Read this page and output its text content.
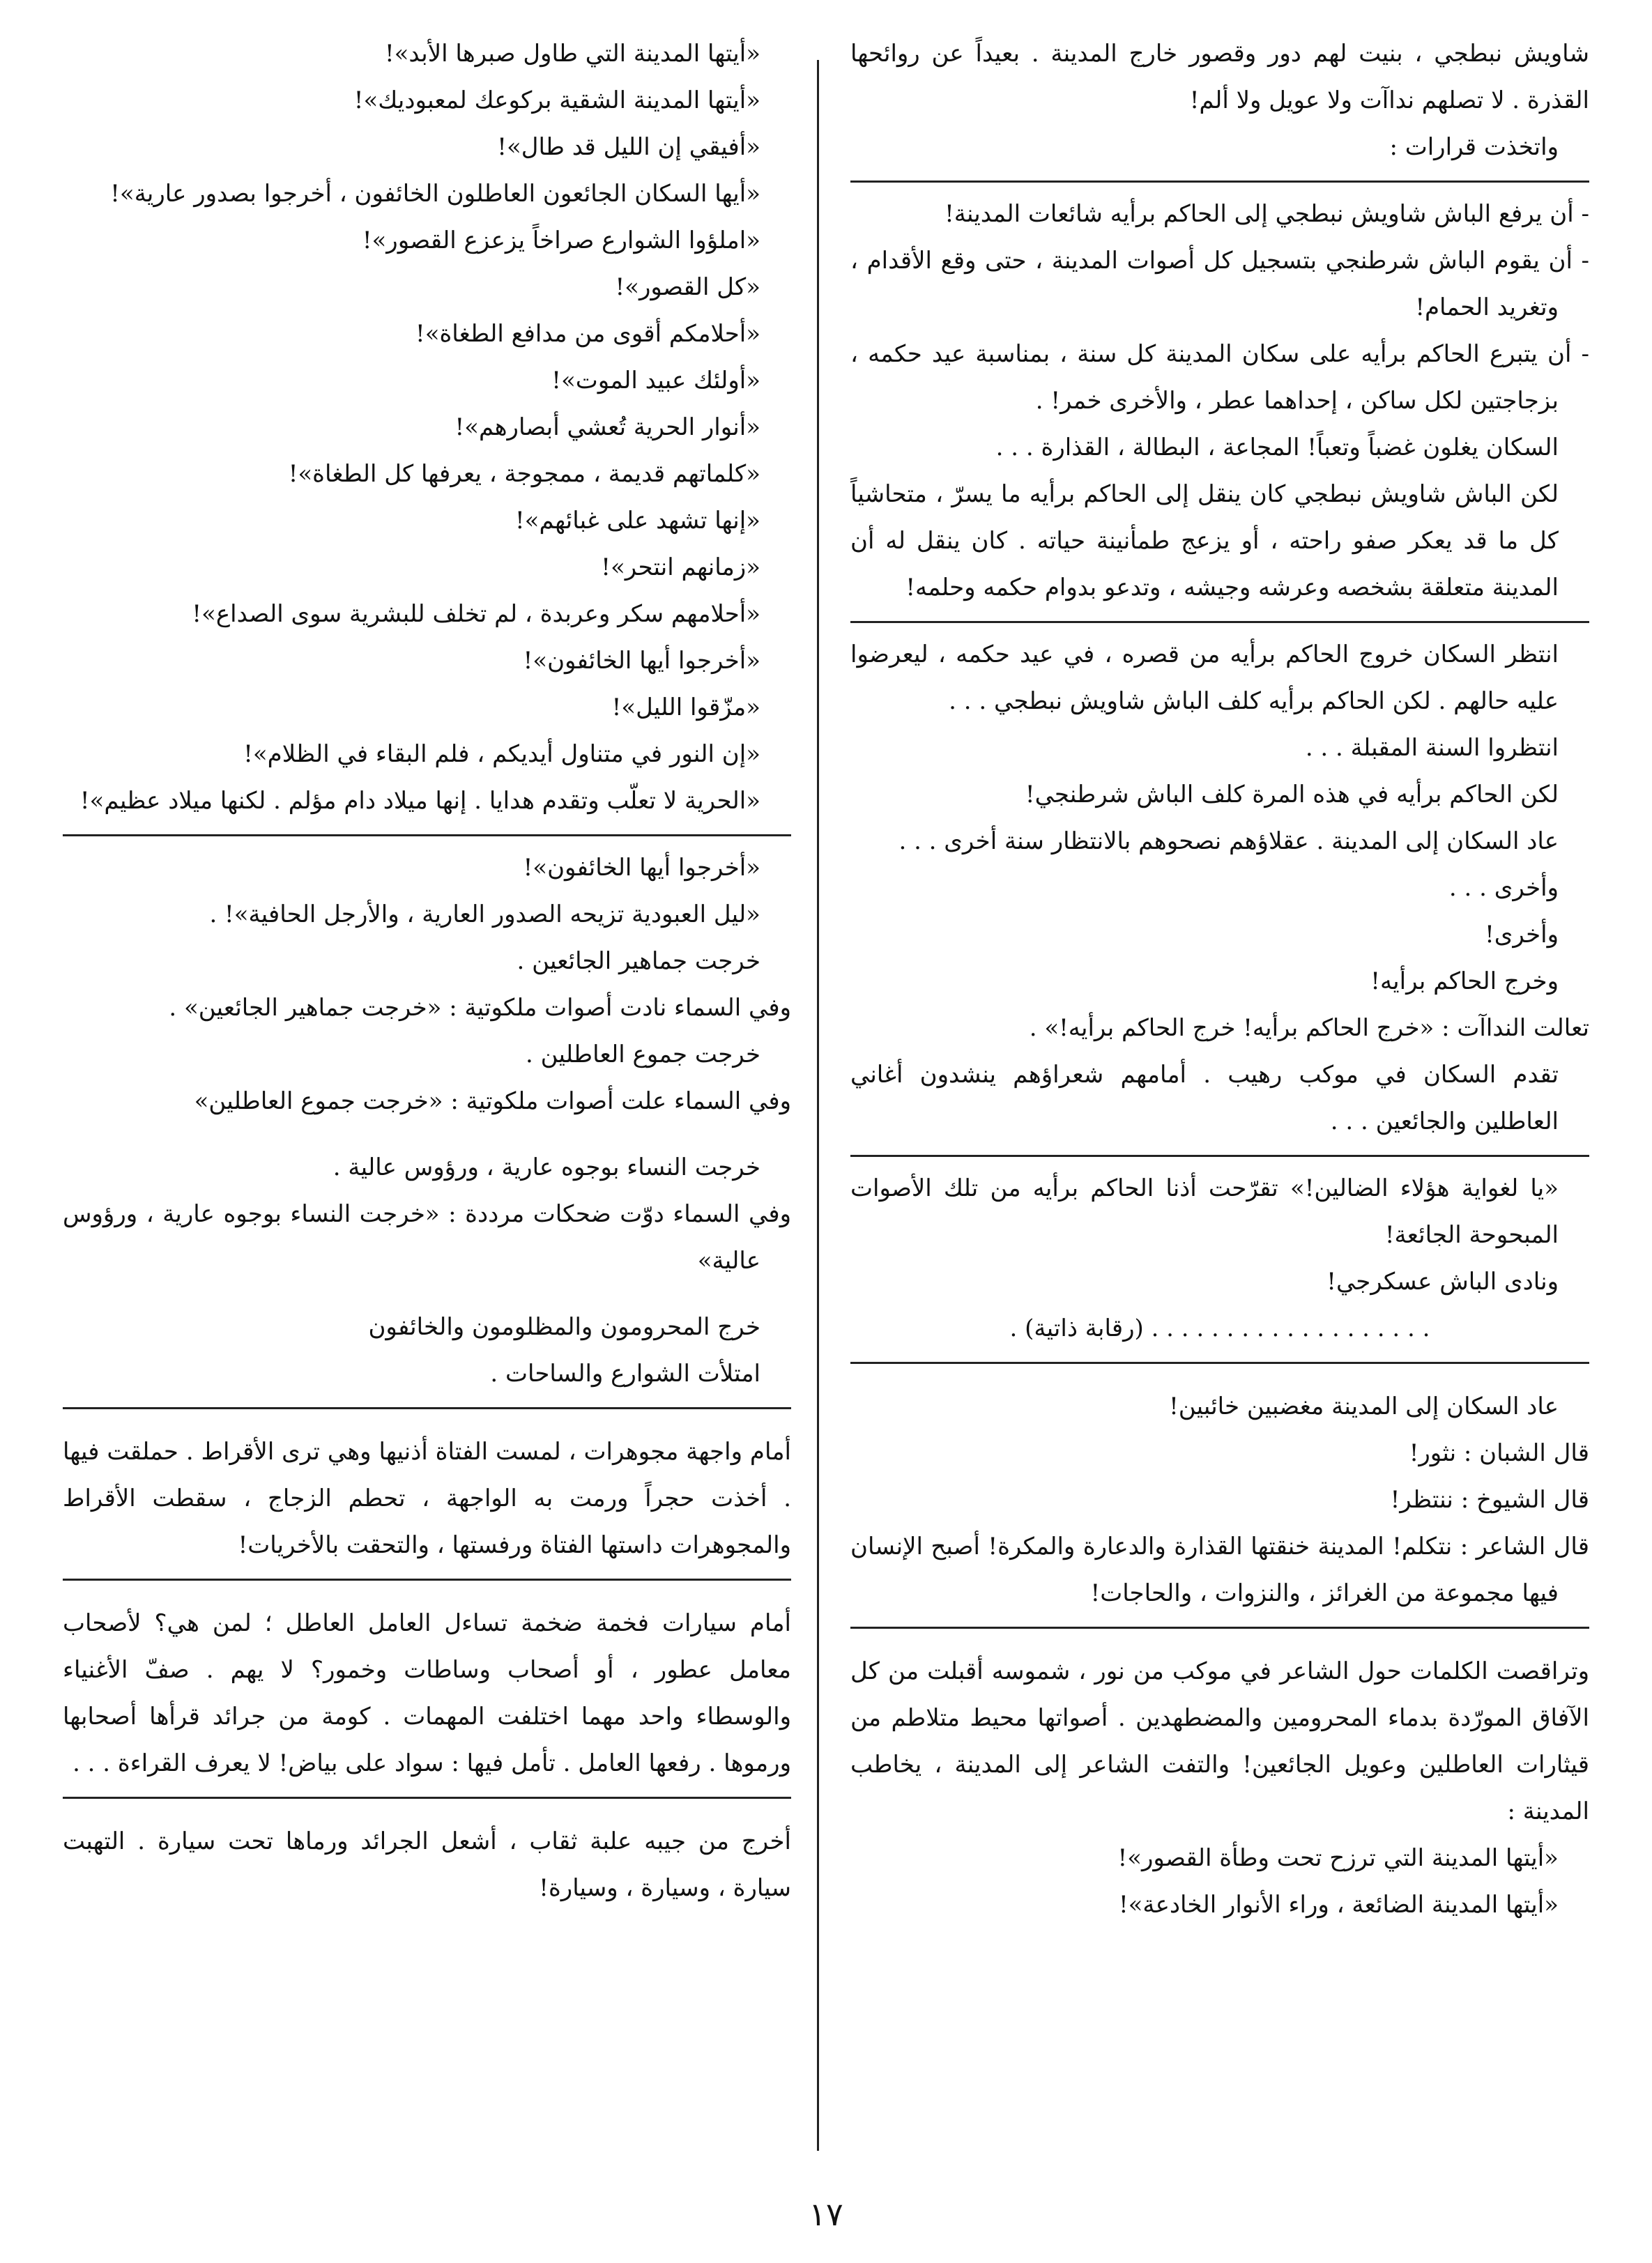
شاويش نبطجي ، بنيت لهم دور وقصور خارج المدينة . بعيداً عن روائحها القذرة . لا تصلهم نداآت ولا عويل ولا ألم!

واتخذت قرارات :

- أن يرفع الباش شاويش نبطجي إلى الحاكم برأيه شائعات المدينة!

- أن يقوم الباش شرطنجي بتسجيل كل أصوات المدينة ، حتى وقع الأقدام ، وتغريد الحمام!

- أن يتبرع الحاكم برأيه على سكان المدينة كل سنة ، بمناسبة عيد حكمه ، بزجاجتين لكل ساكن ، إحداهما عطر ، والأخرى خمر! .

السكان يغلون غضباً وتعباً! المجاعة ، البطالة ، القذارة . . .

لكن الباش شاويش نبطجي كان ينقل إلى الحاكم برأيه ما يسرّ ، متحاشياً كل ما قد يعكر صفو راحته ، أو يزعج طمأنينة حياته . كان ينقل له أن المدينة متعلقة بشخصه وعرشه وجيشه ، وتدعو بدوام حكمه وحلمه!

انتظر السكان خروج الحاكم برأيه من قصره ، في عيد حكمه ، ليعرضوا عليه حالهم . لكن الحاكم برأيه كلف الباش شاويش نبطجي . . .

انتظروا السنة المقبلة . . .

لكن الحاكم برأيه في هذه المرة كلف الباش شرطنجي!

عاد السكان إلى المدينة . عقلاؤهم نصحوهم بالانتظار سنة أخرى . . .

وأخرى . . .

وأخرى!

وخرج الحاكم برأيه!

تعالت النداآت : «خرج الحاكم برأيه! خرج الحاكم برأيه!» .

تقدم السكان في موكب رهيب . أمامهم شعراؤهم ينشدون أغاني العاطلين والجائعين . . .

«يا لغواية هؤلاء الضالين!» تقرّحت أذنا الحاكم برأيه من تلك الأصوات المبحوحة الجائعة!

ونادى الباش عسكرجي!

. . . . . . . . . . . . . . . . . . . (رقابة ذاتية) .

عاد السكان إلى المدينة مغضبين خائبين!

قال الشبان : نثور!

قال الشيوخ : ننتظر!

قال الشاعر : نتكلم! المدينة خنقتها القذارة والدعارة والمكرة! أصبح الإنسان فيها مجموعة من الغرائز ، والنزوات ، والحاجات!

وتراقصت الكلمات حول الشاعر في موكب من نور ، شموسه أقبلت من كل الآفاق المورّدة بدماء المحرومين والمضطهدين . أصواتها محيط متلاطم من قيثارات العاطلين وعويل الجائعين! والتفت الشاعر إلى المدينة ، يخاطب المدينة :

«أيتها المدينة التي ترزح تحت وطأة القصور»!

«أيتها المدينة الضائعة ، وراء الأنوار الخادعة»!

«أيتها المدينة التي طاول صبرها الأبد»!

«أيتها المدينة الشقية بركوعك لمعبوديك»!

«أفيقي إن الليل قد طال»!

«أيها السكان الجائعون العاطلون الخائفون ، أخرجوا بصدور عارية»!

«املؤوا الشوارع صراخاً يزعزع القصور»!

«كل القصور»!

«أحلامكم أقوى من مدافع الطغاة»!

«أولئك عبيد الموت»!

«أنوار الحرية تُعشي أبصارهم»!

«كلماتهم قديمة ، ممجوجة ، يعرفها كل الطغاة»!

«إنها تشهد على غبائهم»!

«زمانهم انتحر»!

«أحلامهم سكر وعربدة ، لم تخلف للبشرية سوى الصداع»!

«أخرجوا أيها الخائفون»!

«مزّقوا الليل»!

«إن النور في متناول أيديكم ، فلم البقاء في الظلام»!

«الحرية لا تعلّب وتقدم هدايا . إنها ميلاد دام مؤلم . لكنها ميلاد عظيم»!

«أخرجوا أيها الخائفون»!

«ليل العبودية تزيحه الصدور العارية ، والأرجل الحافية»! .

خرجت جماهير الجائعين .

وفي السماء نادت أصوات ملكوتية : «خرجت جماهير الجائعين» .

خرجت جموع العاطلين .

وفي السماء علت أصوات ملكوتية : «خرجت جموع العاطلين»

خرجت النساء بوجوه عارية ، ورؤوس عالية .

وفي السماء دوّت ضحكات مرددة : «خرجت النساء بوجوه عارية ، ورؤوس عالية»

خرج المحرومون والمظلومون والخائفون

امتلأت الشوارع والساحات .

أمام واجهة مجوهرات ، لمست الفتاة أذنيها وهي ترى الأقراط . حملقت فيها . أخذت حجراً ورمت به الواجهة ، تحطم الزجاج ، سقطت الأقراط والمجوهرات داستها الفتاة ورفستها ، والتحقت بالأخريات!

أمام سيارات فخمة ضخمة تساءل العامل العاطل ؛ لمن هي؟ لأصحاب معامل عطور ، أو أصحاب وساطات وخمور؟ لا يهم . صفّ الأغنياء والوسطاء واحد مهما اختلفت المهمات . كومة من جرائد قرأها أصحابها ورموها . رفعها العامل . تأمل فيها : سواد على بياض! لا يعرف القراءة . . .

أخرج من جيبه علبة ثقاب ، أشعل الجرائد ورماها تحت سيارة . التهبت سيارة ، وسيارة ، وسيارة!

١٧
